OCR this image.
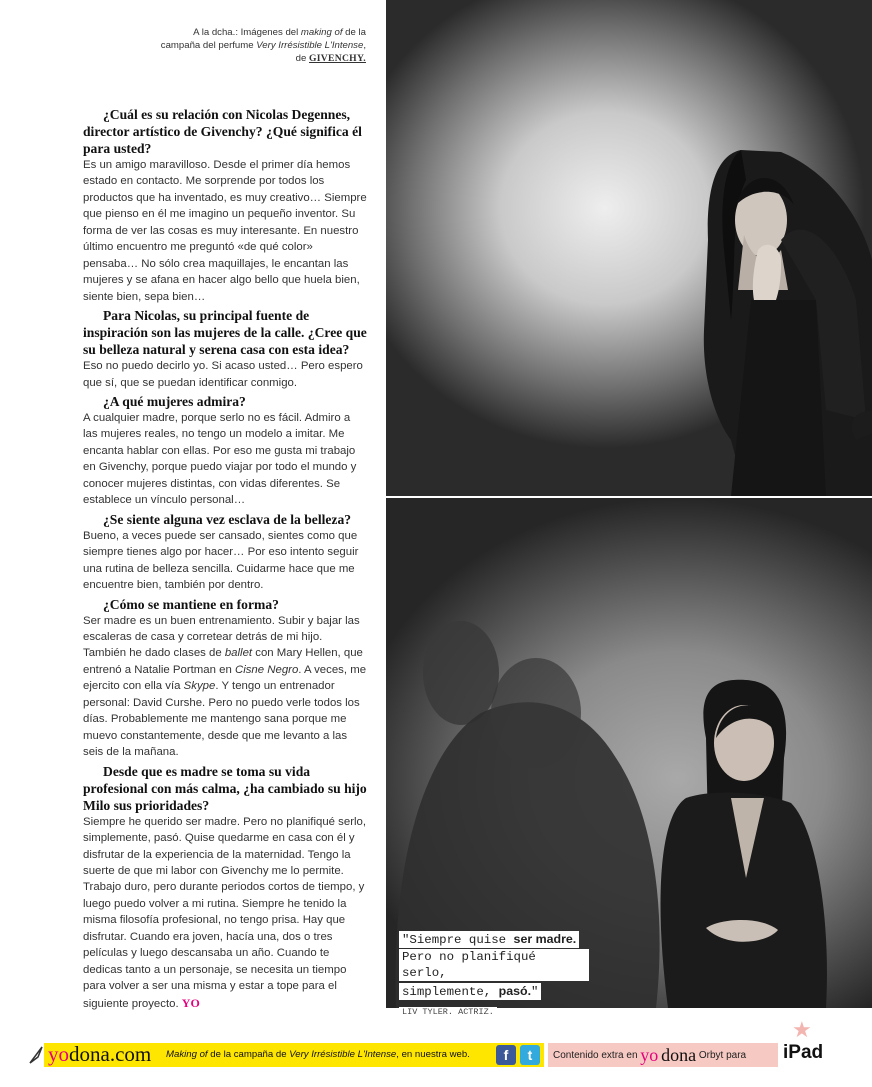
A la dcha.: Imágenes del making of de la campaña del perfume Very Irrésistible L'Intense, de GIVENCHY.

¿Cuál es su relación con Nicolas Degennes, director artístico de Givenchy? ¿Qué significa él para usted?

Es un amigo maravilloso. Desde el primer día hemos estado en contacto. Me sorprende por todos los productos que ha inventado, es muy creativo… Siempre que pienso en él me imagino un pequeño inventor. Su forma de ver las cosas es muy interesante. En nuestro último encuentro me preguntó «de qué color» pensaba… No sólo crea maquillajes, le encantan las mujeres y se afana en hacer algo bello que huela bien, siente bien, sepa bien…

Para Nicolas, su principal fuente de inspiración son las mujeres de la calle. ¿Cree que su belleza natural y serena casa con esta idea?

Eso no puedo decirlo yo. Si acaso usted… Pero espero que sí, que se puedan identificar conmigo.

¿A qué mujeres admira?

A cualquier madre, porque serlo no es fácil. Admiro a las mujeres reales, no tengo un modelo a imitar. Me encanta hablar con ellas. Por eso me gusta mi trabajo en Givenchy, porque puedo viajar por todo el mundo y conocer mujeres distintas, con vidas diferentes. Se establece un vínculo personal…

¿Se siente alguna vez esclava de la belleza?

Bueno, a veces puede ser cansado, sientes como que siempre tienes algo por hacer… Por eso intento seguir una rutina de belleza sencilla. Cuidarme hace que me encuentre bien, también por dentro.

¿Cómo se mantiene en forma?

Ser madre es un buen entrenamiento. Subir y bajar las escaleras de casa y corretear detrás de mi hijo. También he dado clases de ballet con Mary Hellen, que entrenó a Natalie Portman en Cisne Negro. A veces, me ejercito con ella vía Skype. Y tengo un entrenador personal: David Curshe. Pero no puedo verle todos los días. Probablemente me mantengo sana porque me muevo constantemente, desde que me levanto a las seis de la mañana.

Desde que es madre se toma su vida profesional con más calma, ¿ha cambiado su hijo Milo sus prioridades?

Siempre he querido ser madre. Pero no planifiqué serlo, simplemente, pasó. Quise quedarme en casa con él y disfrutar de la experiencia de la maternidad. Tengo la suerte de que mi labor con Givenchy me lo permite. Trabajo duro, pero durante periodos cortos de tiempo, y luego puedo volver a mi rutina. Siempre he tenido la misma filosofía profesional, no tengo prisa. Hay que disfrutar. Cuando era joven, hacía una, dos o tres películas y luego descansaba un año. Cuando te dedicas tanto a un personaje, se necesita un tiempo para volver a ser una misma y estar a tope para el siguiente proyecto. YO

"Siempre quise ser madre.
Pero no planifiqué serlo,
simplemente, pasó."
LIV TYLER. ACTRIZ.
yodona.com Making of de la campaña de Very Irrésistible L'Intense, en nuestra web.	f	t	Contenido extra en yo dona Orbyt para
★
iPad
